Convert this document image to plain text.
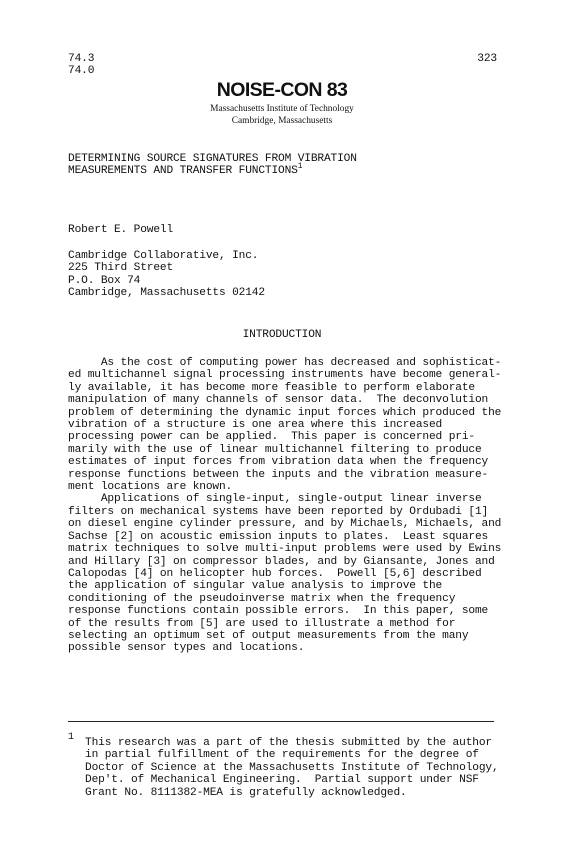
74.3
74.0
323
NOISE-CON 83
Massachusetts Institute of Technology
Cambridge, Massachusetts
DETERMINING SOURCE SIGNATURES FROM VIBRATION
MEASUREMENTS AND TRANSFER FUNCTIONS$^1$
Robert E. Powell
Cambridge Collaborative, Inc.
225 Third Street
P.O. Box 74
Cambridge, Massachusetts 02142
INTRODUCTION
As the cost of computing power has decreased and sophisticat-
ed multichannel signal processing instruments have become general-
ly available, it has become more feasible to perform elaborate
manipulation of many channels of sensor data.  The deconvolution
problem of determining the dynamic input forces which produced the
vibration of a structure is one area where this increased
processing power can be applied.  This paper is concerned pri-
marily with the use of linear multichannel filtering to produce
estimates of input forces from vibration data when the frequency
response functions between the inputs and the vibration measure-
ment locations are known.
Applications of single-input, single-output linear inverse
filters on mechanical systems have been reported by Ordubadi [1]
on diesel engine cylinder pressure, and by Michaels, Michaels, and
Sachse [2] on acoustic emission inputs to plates.  Least squares
matrix techniques to solve multi-input problems were used by Ewins
and Hillary [3] on compressor blades, and by Giansante, Jones and
Calopodas [4] on helicopter hub forces.  Powell [5,6] described
the application of singular value analysis to improve the
conditioning of the pseudoinverse matrix when the frequency
response functions contain possible errors.  In this paper, some
of the results from [5] are used to illustrate a method for
selecting an optimum set of output measurements from the many
possible sensor types and locations.
1 This research was a part of the thesis submitted by the author
in partial fulfillment of the requirements for the degree of
Doctor of Science at the Massachusetts Institute of Technology,
Dep't. of Mechanical Engineering.  Partial support under NSF
Grant No. 8111382-MEA is gratefully acknowledged.
